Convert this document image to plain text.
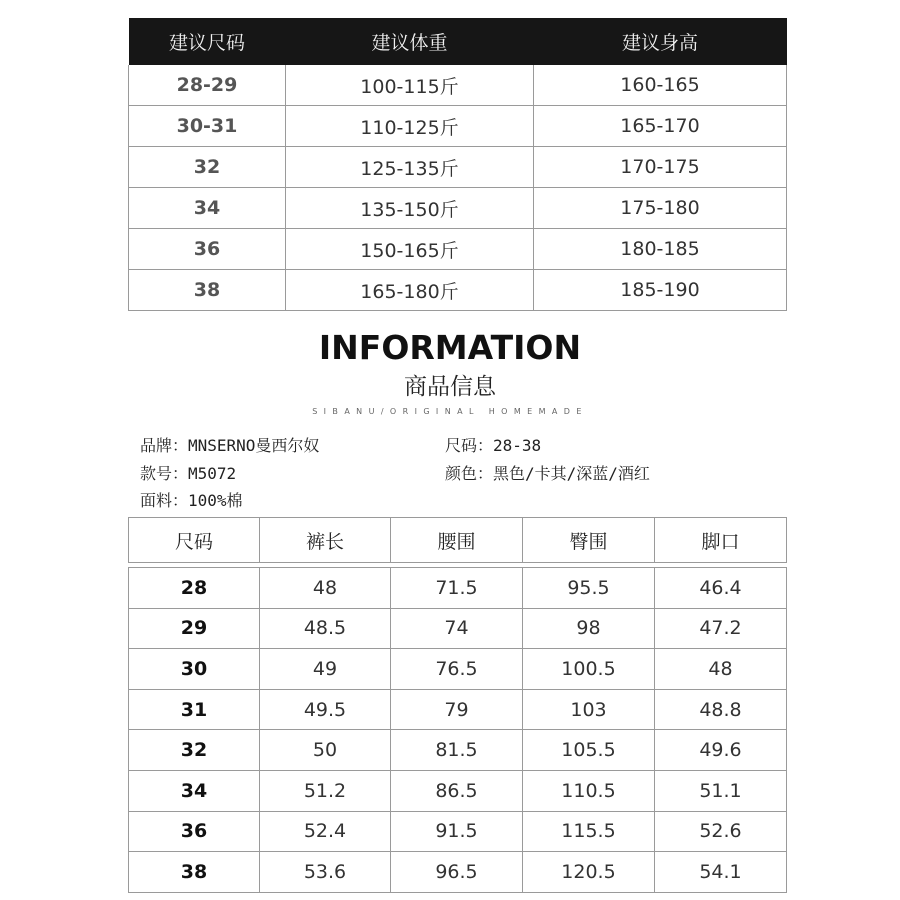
建议尺码	建议体重	建议身高
28-29	100-115斤	160-165
30-31	110-125斤	165-170
32	125-135斤	170-175
34	135-150斤	175-180
36	150-165斤	180-185
38	165-180斤	185-190
INFORMATION
商品信息
SIBANU/ORIGINAL HOMEMADE
品牌：MNSERNO曼西尔奴	尺码：28-38
款号：M5072	颜色：黑色/卡其/深蓝/酒红
面料：100%棉
尺码	裤长	腰围	臀围	脚口

28	48	71.5	95.5	46.4
29	48.5	74	98	47.2
30	49	76.5	100.5	48
31	49.5	79	103	48.8
32	50	81.5	105.5	49.6
34	51.2	86.5	110.5	51.1
36	52.4	91.5	115.5	52.6
38	53.6	96.5	120.5	54.1
